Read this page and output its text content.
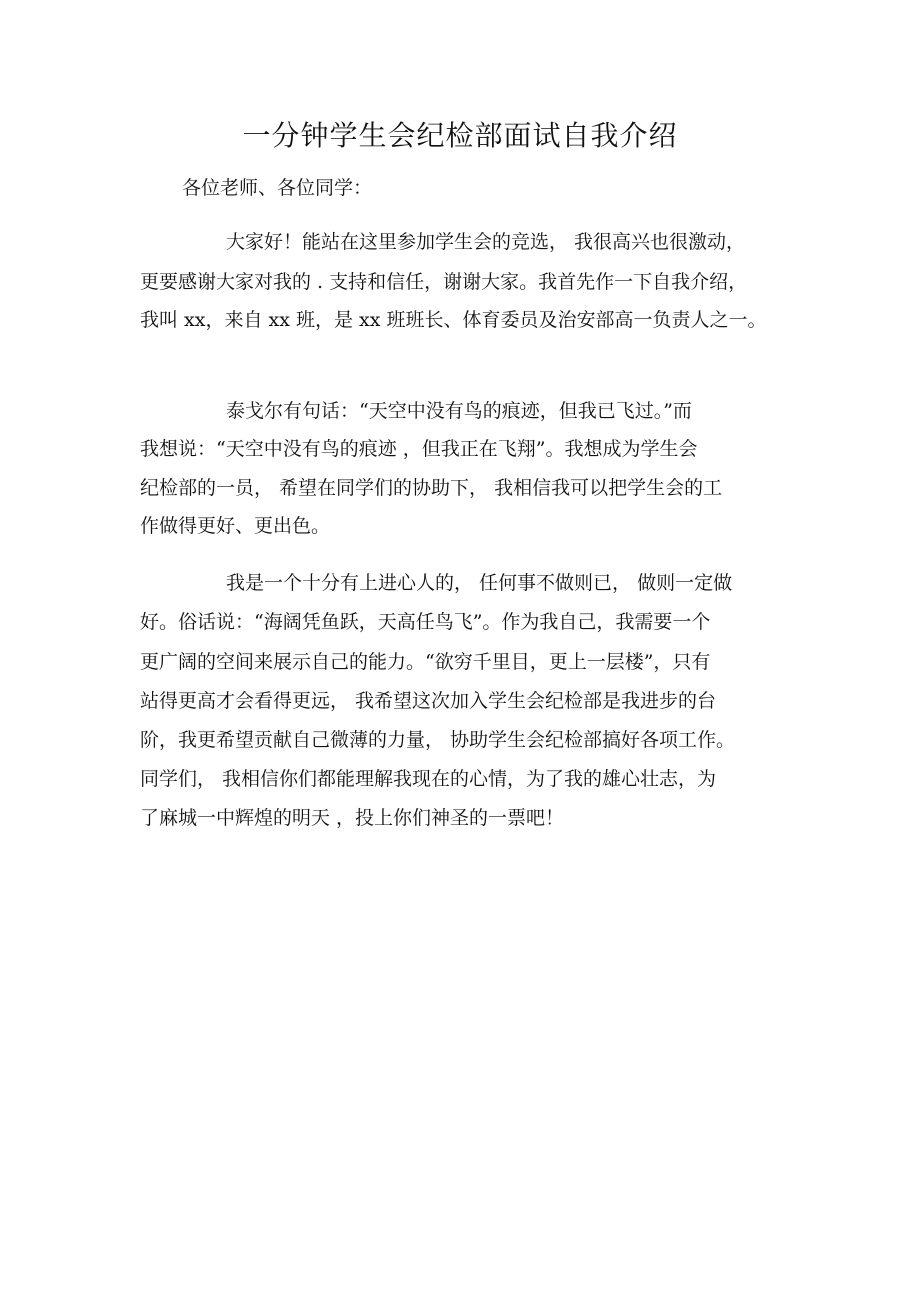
一分钟学生会纪检部面试自我介绍
各位老师、各位同学：
大家好！能站在这里参加学生会的竞选， 我很高兴也很激动，
更要感谢大家对我的 . 支持和信任，谢谢大家。我首先作一下自我介绍，
我叫 xx，来自 xx 班，是 xx 班班长、体育委员及治安部高一负责人之一。
泰戈尔有句话：“天空中没有鸟的痕迹，但我已飞过。”而
我想说：“天空中没有鸟的痕迹 ，但我正在飞翔”。我想成为学生会
纪检部的一员， 希望在同学们的协助下， 我相信我可以把学生会的工
作做得更好、更出色。
我是一个十分有上进心人的， 任何事不做则已， 做则一定做
好。俗话说：“海阔凭鱼跃，天高任鸟飞”。作为我自己，我需要一个
更广阔的空间来展示自己的能力。“欲穷千里目，更上一层楼”，只有
站得更高才会看得更远， 我希望这次加入学生会纪检部是我进步的台
阶，我更希望贡献自己微薄的力量， 协助学生会纪检部搞好各项工作。
同学们， 我相信你们都能理解我现在的心情，为了我的雄心壮志，为
了麻城一中辉煌的明天 ，投上你们神圣的一票吧！
